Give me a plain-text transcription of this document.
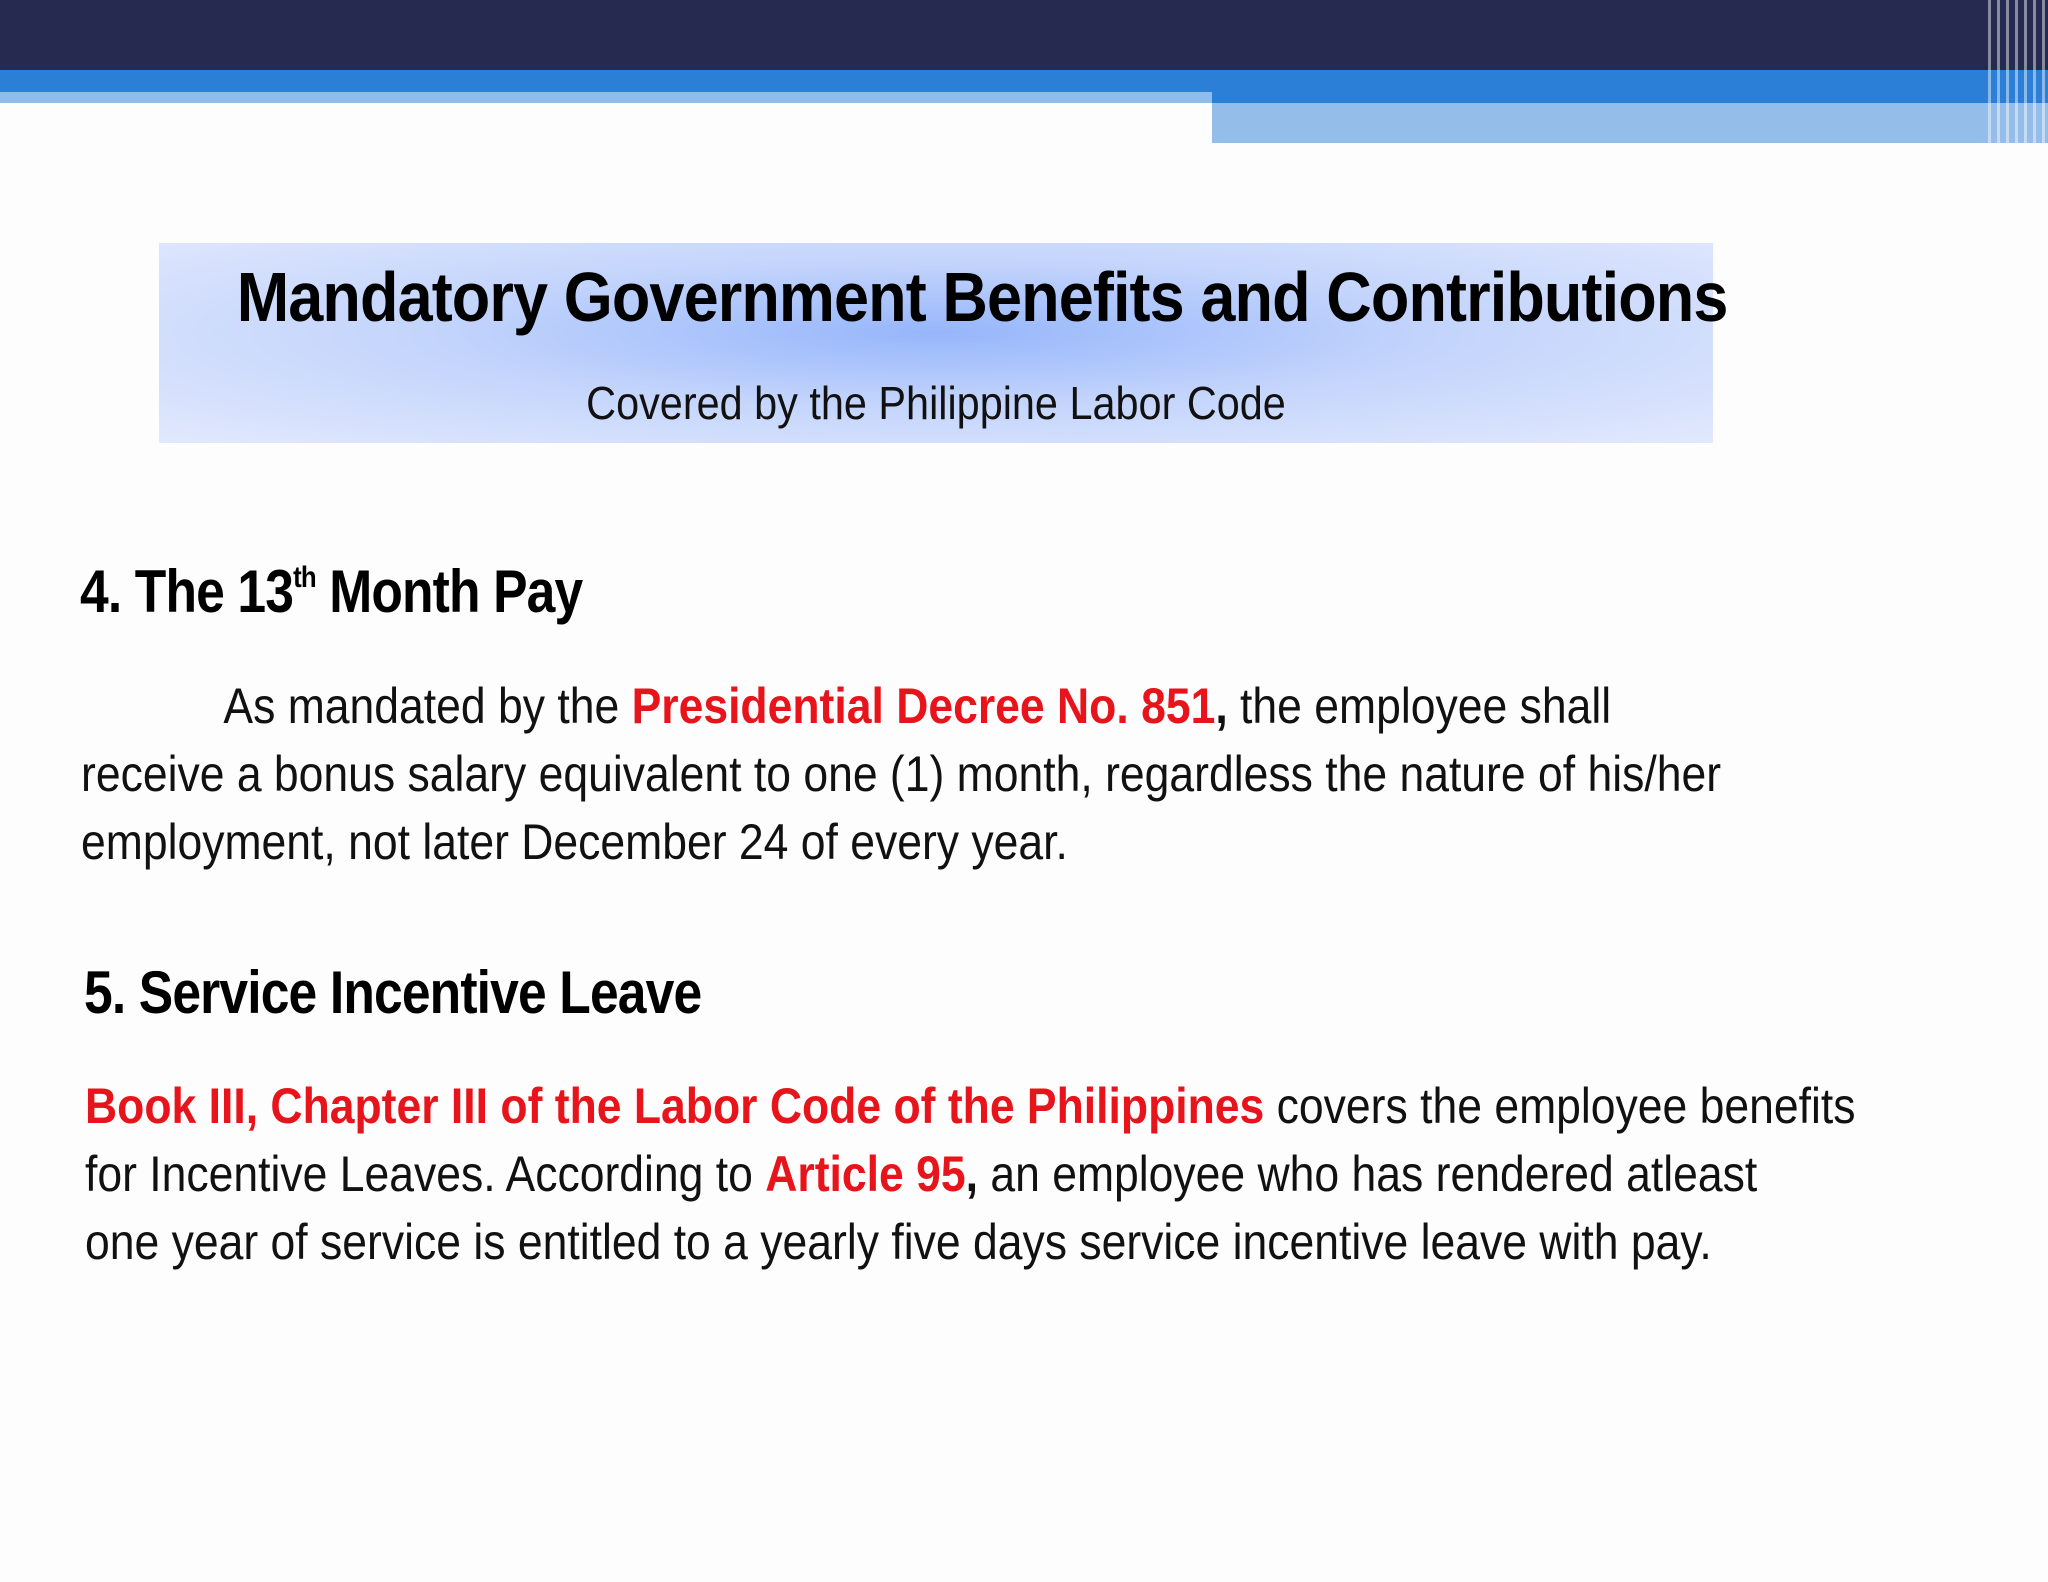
Mandatory Government Benefits and Contributions
Covered by the Philippine Labor Code
4. The 13th Month Pay
As mandated by the Presidential Decree No. 851, the employee shall
receive a bonus salary equivalent to one (1) month, regardless the nature of his/her
employment, not later December 24 of every year.
5. Service Incentive Leave
Book III, Chapter III of the Labor Code of the Philippines covers the employee benefits
for Incentive Leaves. According to Article 95, an employee who has rendered atleast
one year of service is entitled to a yearly five days service incentive leave with pay.
